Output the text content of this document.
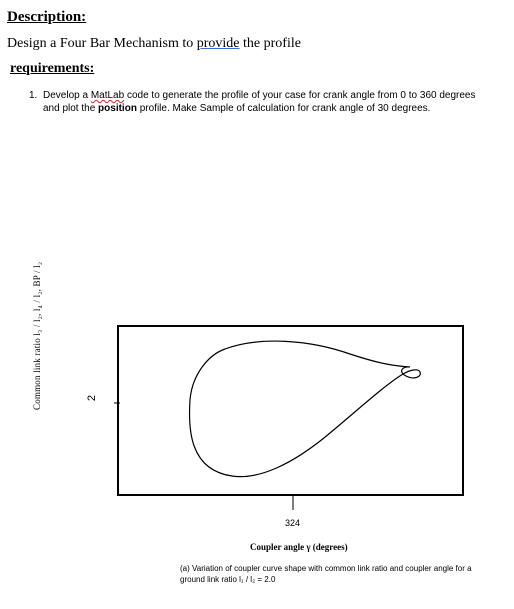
Description:
Design a Four Bar Mechanism to provide the profile
requirements:
1. Develop a MatLab code to generate the profile of your case for crank angle from 0 to 360 degrees and plot the position profile. Make Sample of calculation for crank angle of 30 degrees.
Common link ratio l₃ / l₂, l₄ / l₂, BP / l₂	2
324
Coupler angle γ (degrees)
(a) Variation of coupler curve shape with common link ratio and coupler angle for a ground link ratio l₁ / l₂ = 2.0
